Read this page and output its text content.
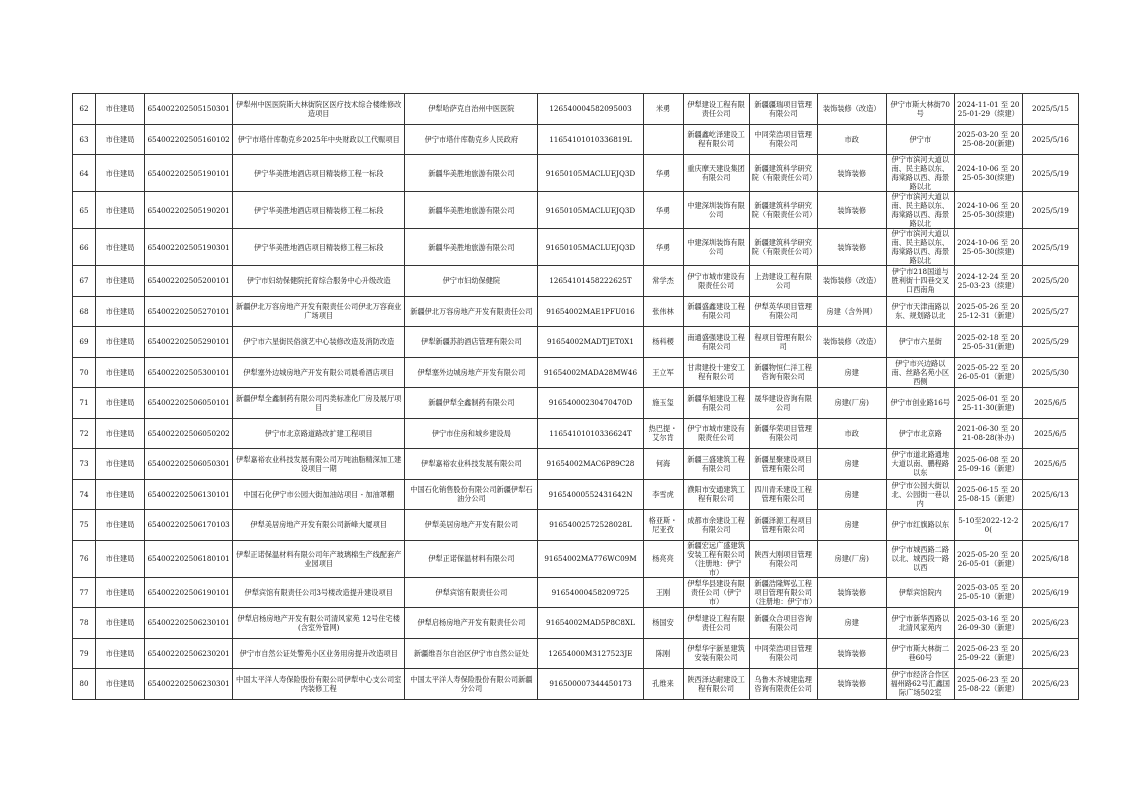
62	市住建局	654002202505150301	伊犁州中医医院斯大林街院区医疗技术综合楼维修改造项目	伊犁哈萨克自治州中医医院	12654000458209500З	米勇	伊犁建设工程有限责任公司	新疆疆瑞项目管理有限公司	装饰装修（改造）	伊宁市斯大林街70号	2024-11-01 至 2025-01-29（续建）	2025/5/15
63	市住建局	654002202505160102	伊宁市塔什库勒克乡2025年中央财政以工代赈项目	伊宁市塔什库勒克乡人民政府	11654101010336819L		新疆鑫屹泽建设工程有限公司	中同荣浩项目管理有限公司	市政	伊宁市	2025-03-20 至 2025-08-20(新建)	2025/5/16
64	市住建局	654002202505190101	伊宁华美胜地酒店项目精装修工程一标段	新疆华美胜地旅游有限公司	91650105MACLUEJQ3D	华勇	重庆摩天建设集团有限公司	新疆建筑科学研究院（有限责任公司）	装饰装修	伊宁市滨河大道以南、民主路以东、海棠路以西、海景路以北	2024-10-06 至 2025-05-30(续建)	2025/5/19
65	市住建局	654002202505190201	伊宁华美胜地酒店项目精装修工程二标段	新疆华美胜地旅游有限公司	91650105MACLUEJQ3D	华勇	中建深圳装饰有限公司	新疆建筑科学研究院（有限责任公司）	装饰装修	伊宁市滨河大道以南、民主路以东、海棠路以西、海景路以北	2024-10-06 至 2025-05-30(续建)	2025/5/19
66	市住建局	654002202505190301	伊宁华美胜地酒店项目精装修工程三标段	新疆华美胜地旅游有限公司	91650105MACLUEJQ3D	华勇	中建深圳装饰有限公司	新疆建筑科学研究院（有限责任公司）	装饰装修	伊宁市滨河大道以南、民主路以东、海棠路以西、海景路以北	2024-10-06 至 2025-05-30(续建)	2025/5/19
67	市住建局	654002202505200101	伊宁市妇幼保健院托育综合服务中心升级改造	伊宁市妇幼保健院	12654101458222625T	常学杰	伊宁市城市建设有限责任公司	上劲建设工程有限公司	装饰装修（改造）	伊宁市218国道与胜利街十四巷交叉口西南角	2024-12-24 至 2025-03-23（续建）	2025/5/20
68	市住建局	654002202505270101	新疆伊北万容房地产开发有限责任公司伊北万容商业广场项目	新疆伊北万容房地产开发有限责任公司	91654002MAE1PFU016	张伟林	新疆盛鑫建设工程有限公司	伊犁英华项目管理有限公司	房建（含外网）	伊宁市天津南路以东、规划路以北	2025-05-26 至 2025-12-31（新建）	2025/5/27
69	市住建局	654002202505290101	伊宁市六星街民俗演艺中心装修改造及消防改造	伊犁新疆苏韵酒店管理有限公司	91654002MADTJET0X1	杨科稷	南通盛强建设工程有限公司	程项目管理有限公司	装饰装修（改造）	伊宁市六星街	2025-02-18 至 2025-05-31(新建)	2025/5/29
70	市住建局	654002202505300101	伊犁塞外边城房地产开发有限公司晨希酒店项目	伊犁塞外边城房地产开发有限公司	91654002MADA28MW46	王立军	甘肃建投十建安工程有限公司	新疆物恒仁洋工程咨询有限公司	房建	伊宁市兴边路以南、丝路名苑小区西侧	2025-05-22 至 2026-05-01（新建）	2025/5/30
71	市住建局	654002202506050101	新疆伊犁全鑫制药有限公司丙类标准化厂房及展厅项目	新疆伊犁全鑫制药有限公司	91654000230470470D	施玉玺	新疆华旭建设工程有限公司	晟华建设咨询有限公司	房建(厂房)	伊宁市创业路16号	2025-06-01 至 2025-11-30(新建)	2025/6/5
72	市住建局	654002202506050202	伊宁市北京路道路改扩建工程项目	伊宁市住房和城乡建设局	11654101010336624T	热巴提・艾尔肯	伊宁市城市建设有限责任公司	新疆华荣项目管理有限公司	市政	伊宁市北京路	2021-06-30 至 2021-08-28(补办)	2025/6/5
73	市住建局	654002202506050301	伊犁嘉裕农业科技发展有限公司万吨油脂精深加工建设项目一期	伊犁嘉裕农业科技发展有限公司	91654002MAC6P89C28	何海	新疆三盛建筑工程有限公司	新疆星聚建设项目管理有限公司	房建	伊宁市道北路通地大道以南、鹏程路以东	2025-06-08 至 2025-09-16（新建）	2025/6/5
74	市住建局	654002202506130101	中国石化伊宁市公园大街加油站项目 - 加油罩棚	中国石化销售股份有限公司新疆伊犁石油分公司	91654000552431642N	李雪虎	濮阳市安通建筑工程有限公司	四川青禾建设工程管理有限公司	房建	伊宁市公园大街以北、公园街一巷以内	2025-06-15 至 2025-08-15（新建）	2025/6/13
75	市住建局	654002202506170103	伊犁美居房地产开发有限公司新峰大厦项目	伊犁美居房地产开发有限公司	91654002572528028L	格亚斯・尼亚孜	成都市余建设工程有限公司	新疆泽源工程项目管理有限公司	房建	伊宁市红旗路以东	5-10至2022-12-20(	2025/6/17
76	市住建局	654002202506180101	伊犁正诺保温材料有限公司年产玻璃棉生产线配套产业园项目	伊犁正诺保温材料有限公司	91654002MA776WC09M	杨亮亮	新疆宏远广盛建筑安装工程有限公司（注册地：伊宁市）	陕西大刚项目管理有限公司	房建(厂房)	伊宁市城西路二路以北、城西段一路以西	2025-05-20 至 2026-05-01（新建）	2025/6/18
77	市住建局	654002202506190101	伊犁宾馆有限责任公司3号楼改造提升建设项目	伊犁宾馆有限责任公司	91654000458209725	王刚	伊犁华县建设有限责任公司（伊宁市）	新疆浩隆辉弘工程项目管理有限公司（注册地：伊宁市）	装饰装修	伊犁宾馆院内	2025-03-05 至 2025-05-10（新建）	2025/6/19
78	市住建局	654002202506230101	伊犁启杨房地产开发有限公司清风家苑 12号住宅楼(含室外管网)	伊犁启杨房地产开发有限责任公司	91654002MAD5P8C8XL	杨国安	伊犁建设工程有限责任公司	新疆众合项目咨询有限公司	房建	伊宁市新华西路以北清风家苑内	2025-03-16 至 2026-09-30（新建）	2025/6/23
79	市住建局	654002202506230201	伊宁市自然公证处警苑小区业务用房提升改造项目	新疆维吾尔自治区伊宁市自然公证处	12654000M3127523JE	陈刚	伊犁华宇新星建筑安装有限公司	中同荣浩项目管理有限公司	装饰装修	伊宁市斯大林街二巷60号	2025-06-23 至 2025-09-22（新建）	2025/6/23
80	市住建局	654002202506230301	中国太平洋人寿保险股份有限公司伊犁中心支公司室内装修工程	中国太平洋人寿保险股份有限公司新疆分公司	91650000734445017З	孔维来	陕西泽达耐建设工程有限公司	乌鲁木齐城建监理咨询有限责任公司	装饰装修	伊宁市经济合作区福州路62号汇鑫国际广场502室	2025-06-23 至 2025-08-22（新建）	2025/6/23
